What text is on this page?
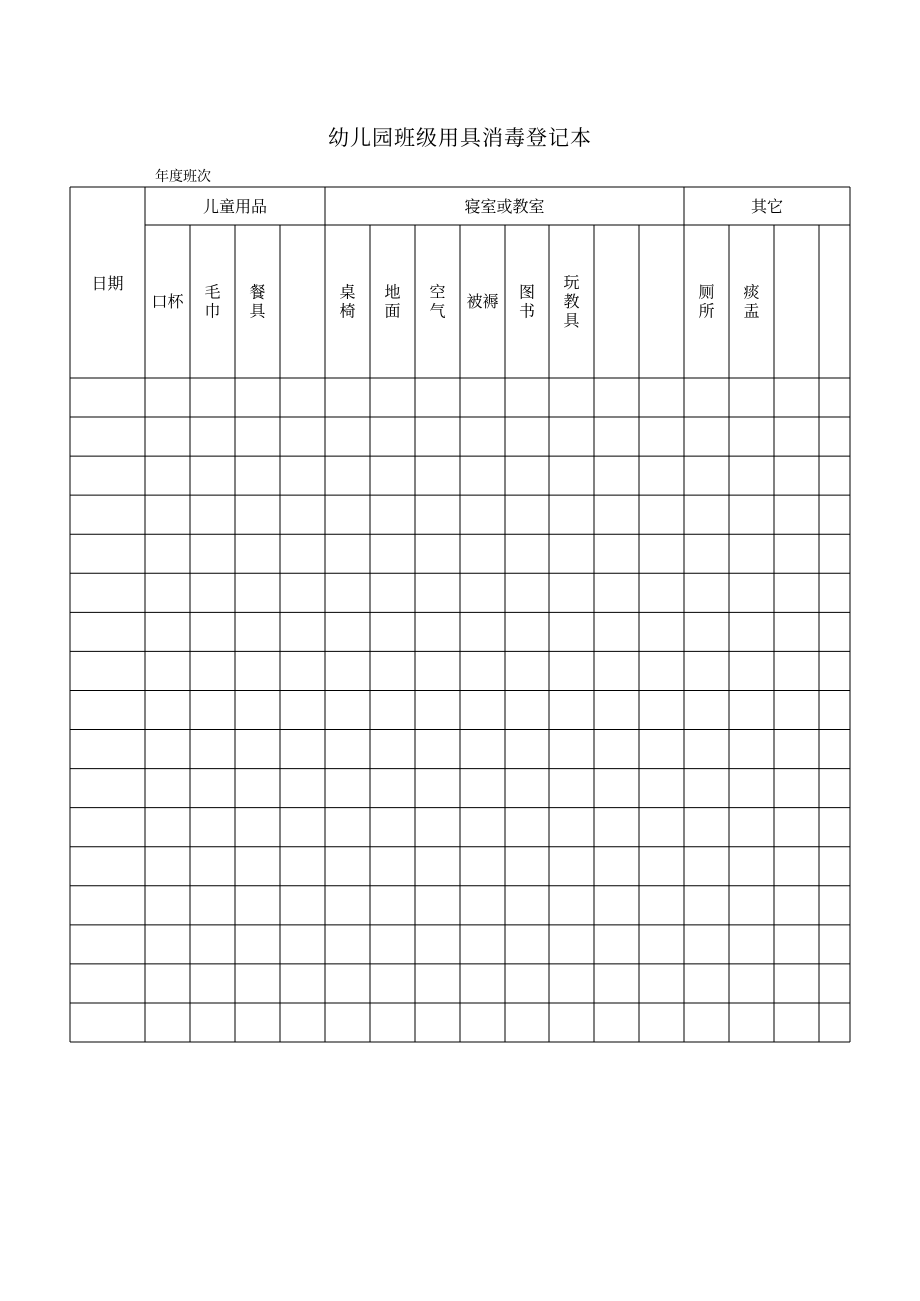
幼儿园班级用具消毒登记本
年度班次
日期
儿童用品	寝室或教室	其它
口杯 毛
巾
餐
具
桌
椅
地
面
空
气 被褥 图
书
玩
教
具
厕
所
痰
盂
